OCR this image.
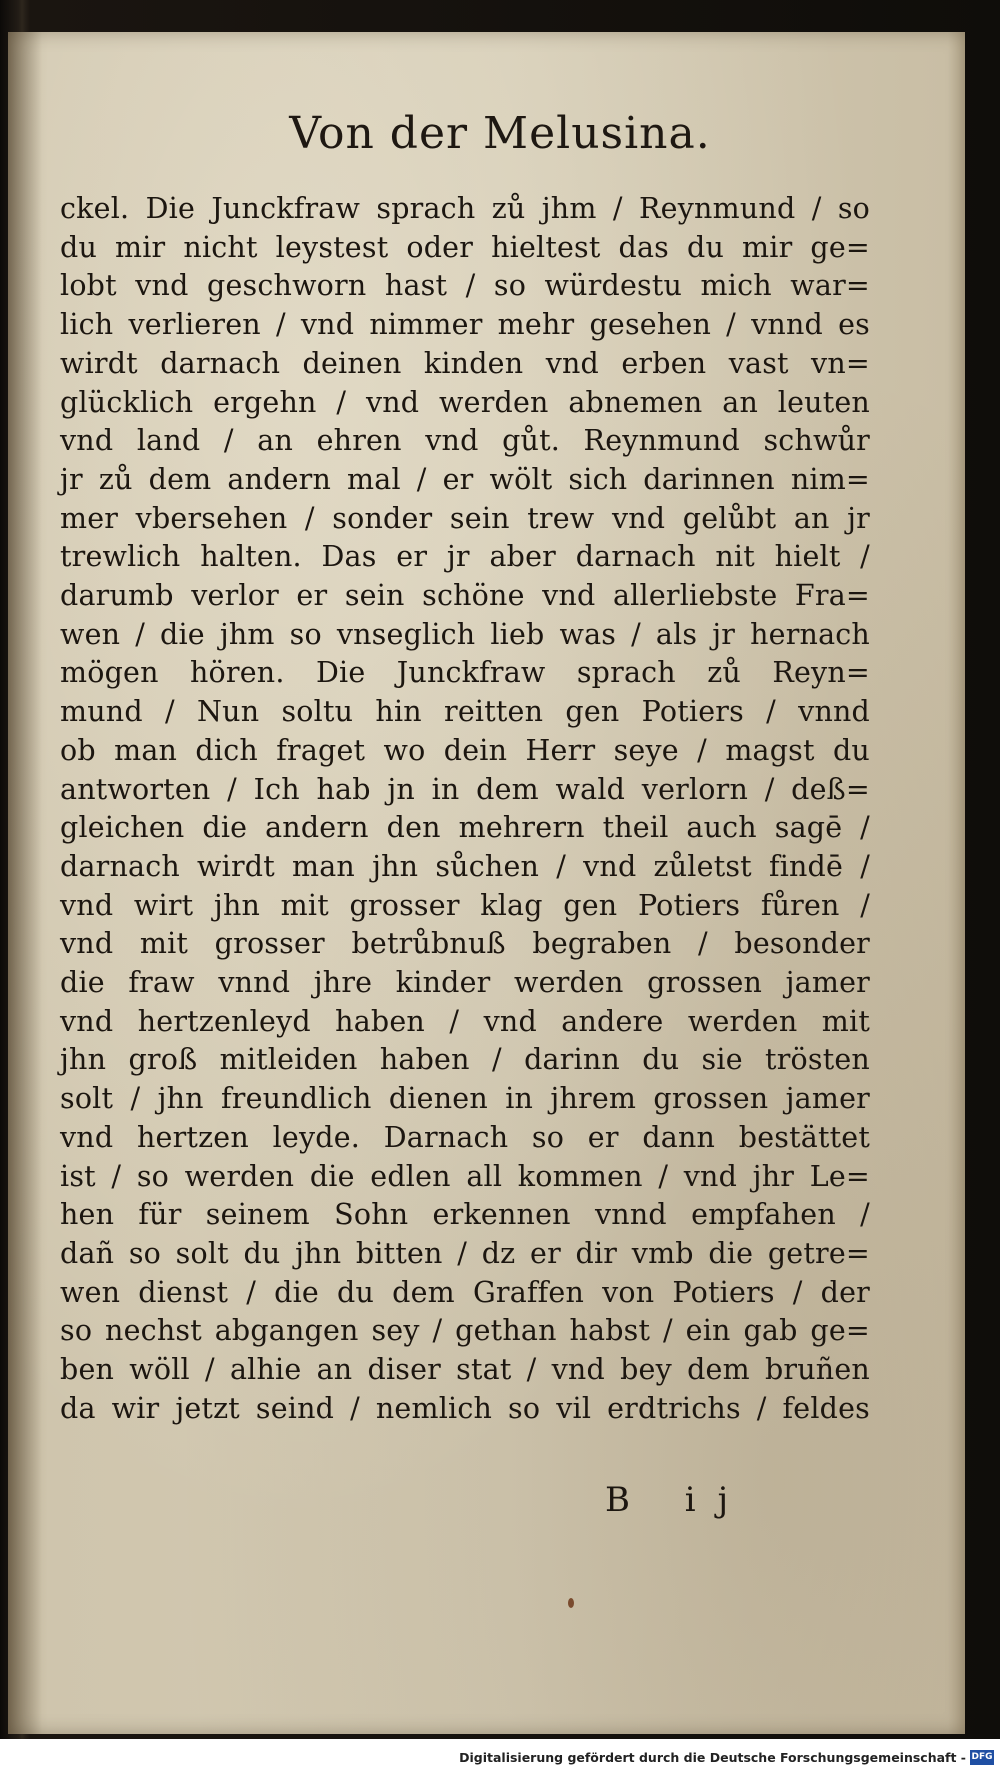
Von der Melusina.
ckel. Die Junckfraw sprach zů jhm / Reynmund / so
du mir nicht leystest oder hieltest das du mir ge=
lobt vnd geschworn hast / so würdestu mich war=
lich verlieren / vnd nimmer mehr gesehen / vnnd es
wirdt darnach deinen kinden vnd erben vast vn=
glücklich ergehn / vnd werden abnemen an leuten
vnd land / an ehren vnd gůt. Reynmund schwůr
jr zů dem andern mal / er wölt sich darinnen nim=
mer vbersehen / sonder sein trew vnd gelůbt an jr
trewlich halten. Das er jr aber darnach nit hielt /
darumb verlor er sein schöne vnd allerliebste Fra=
wen / die jhm so vnseglich lieb was / als jr hernach
mögen hören. Die Junckfraw sprach zů Reyn=
mund / Nun soltu hin reitten gen Potiers / vnnd
ob man dich fraget wo dein Herr seye / magst du
antworten / Ich hab jn in dem wald verlorn / deß=
gleichen die andern den mehrern theil auch sagē /
darnach wirdt man jhn sůchen / vnd zůletst findē /
vnd wirt jhn mit grosser klag gen Potiers fůren /
vnd mit grosser betrůbnuß begraben / besonder
die fraw vnnd jhre kinder werden grossen jamer
vnd hertzenleyd haben / vnd andere werden mit
jhn groß mitleiden haben / darinn du sie trösten
solt / jhn freundlich dienen in jhrem grossen jamer
vnd hertzen leyde. Darnach so er dann bestättet
ist / so werden die edlen all kommen / vnd jhr Le=
hen für seinem Sohn erkennen vnnd empfahen /
dañ so solt du jhn bitten / dz er dir vmb die getre=
wen dienst / die du dem Graffen von Potiers / der
so nechst abgangen sey / gethan habst / ein gab ge=
ben wöll / alhie an diser stat / vnd bey dem bruñen
da wir jetzt seind / nemlich so vil erdtrichs / feldes
B ij
Digitalisierung gefördert durch die Deutsche Forschungsgemeinschaft - DFG
